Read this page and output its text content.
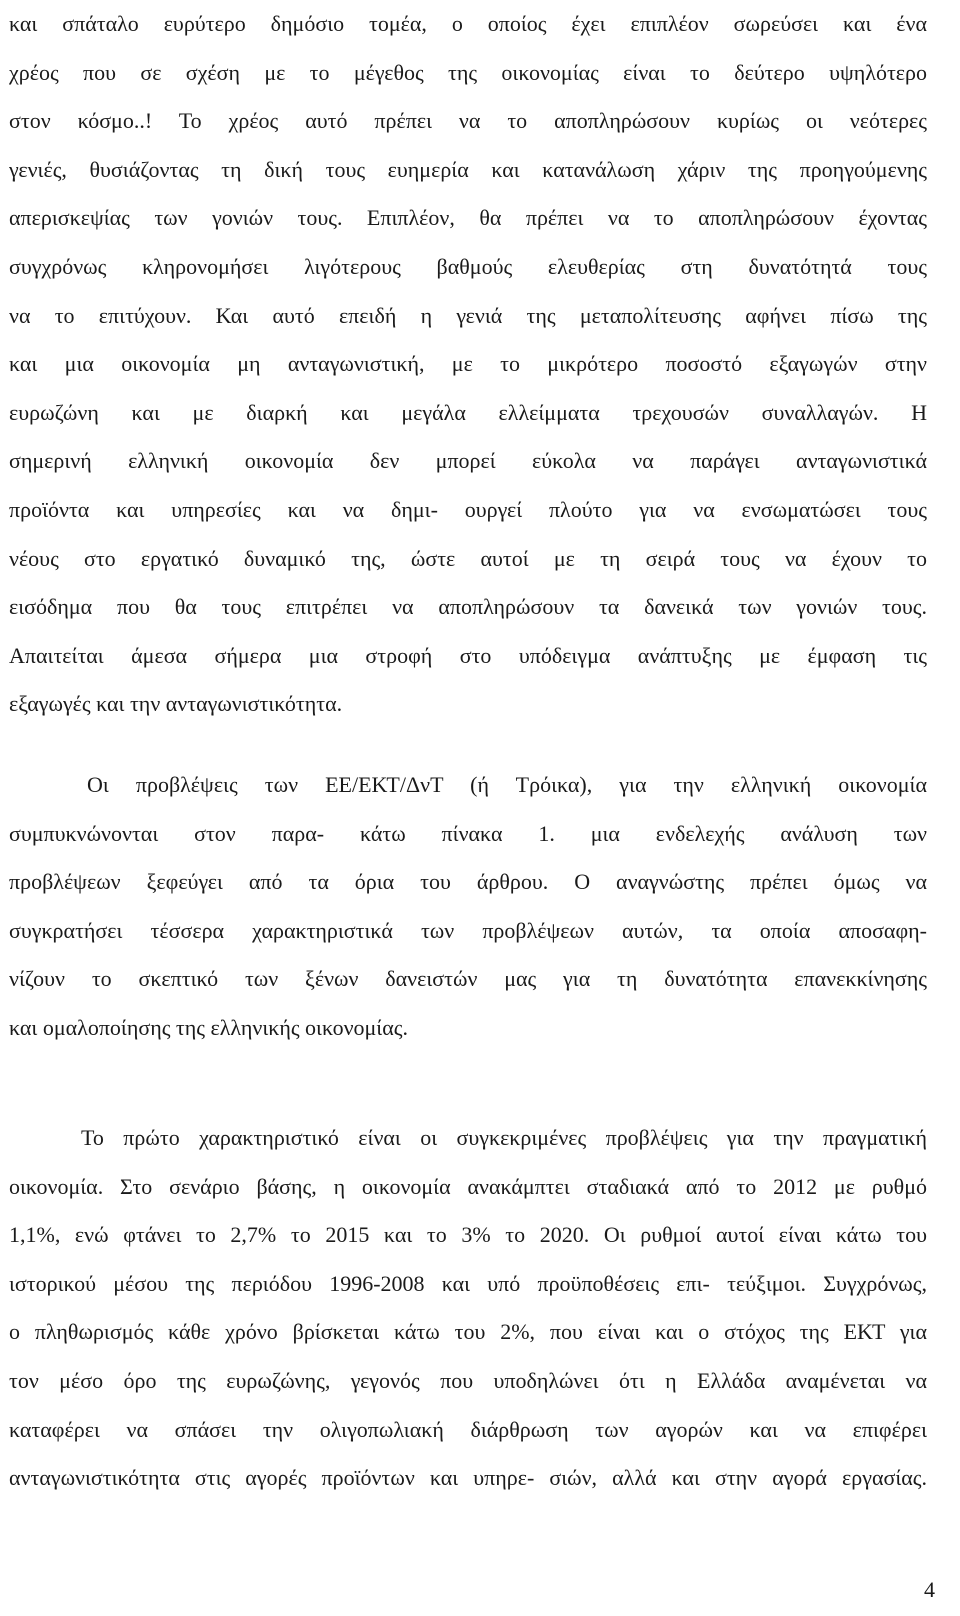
και σπάταλο ευρύτερο δημόσιο τομέα, ο οποίος έχει επιπλέον σωρεύσει και ένα
χρέος που σε σχέση με το μέγεθος της οικονομίας είναι το δεύτερο υψηλότερο
στον κόσμο..! Το χρέος αυτό πρέπει να το αποπληρώσουν κυρίως οι νεότερες
γενιές, θυσιάζοντας τη δική τους ευημερία και κατανάλωση χάριν της προηγούμενης
απερισκεψίας των γονιών τους. Επιπλέον, θα πρέπει να το αποπληρώσουν έχοντας
συγχρόνως κληρονομήσει λιγότερους βαθμούς ελευθερίας στη δυνατότητά τους
να το επιτύχουν. Και αυτό επειδή η γενιά της μεταπολίτευσης αφήνει πίσω της
και μια οικονομία μη ανταγωνιστική, με το μικρότερο ποσοστό εξαγωγών στην
ευρωζώνη και με διαρκή και μεγάλα ελλείμματα τρεχουσών συναλλαγών. Η
σημερινή ελληνική οικονομία δεν μπορεί εύκολα να παράγει ανταγωνιστικά
προϊόντα και υπηρεσίες και να δημι- ουργεί πλούτο για να ενσωματώσει τους
νέους στο εργατικό δυναμικό της, ώστε αυτοί με τη σειρά τους να έχουν το
εισόδημα που θα τους επιτρέπει να αποπληρώσουν τα δανεικά των γονιών τους.
Απαιτείται άμεσα σήμερα μια στροφή στο υπόδειγμα ανάπτυξης με έμφαση τις
εξαγωγές και την ανταγωνιστικότητα.
Οι προβλέψεις των ΕΕ/ΕΚΤ/ΔνΤ (ή Τρόικα), για την ελληνική οικονομία
συμπυκνώνονται στον παρα- κάτω πίνακα 1. μια ενδελεχής ανάλυση των
προβλέψεων ξεφεύγει από τα όρια του άρθρου. Ο αναγνώστης πρέπει όμως να
συγκρατήσει τέσσερα χαρακτηριστικά των προβλέψεων αυτών, τα οποία αποσαφη-
νίζουν το σκεπτικό των ξένων δανειστών μας για τη δυνατότητα επανεκκίνησης
και ομαλοποίησης της ελληνικής οικονομίας.
Το πρώτο χαρακτηριστικό είναι οι συγκεκριμένες προβλέψεις για την πραγματική
οικονομία. Στο σενάριο βάσης, η οικονομία ανακάμπτει σταδιακά από το 2012 με ρυθμό
1,1%, ενώ φτάνει το 2,7% το 2015 και το 3% το 2020. Οι ρυθμοί αυτοί είναι κάτω του
ιστορικού μέσου της περιόδου 1996-2008 και υπό προϋποθέσεις επι- τεύξιμοι. Συγχρόνως,
ο πληθωρισμός κάθε χρόνο βρίσκεται κάτω του 2%, που είναι και ο στόχος της ΕΚΤ για
τον μέσο όρο της ευρωζώνης, γεγονός που υποδηλώνει ότι η Ελλάδα αναμένεται να
καταφέρει να σπάσει την ολιγοπωλιακή διάρθρωση των αγορών και να επιφέρει
ανταγωνιστικότητα στις αγορές προϊόντων και υπηρε- σιών, αλλά και στην αγορά εργασίας.
4
